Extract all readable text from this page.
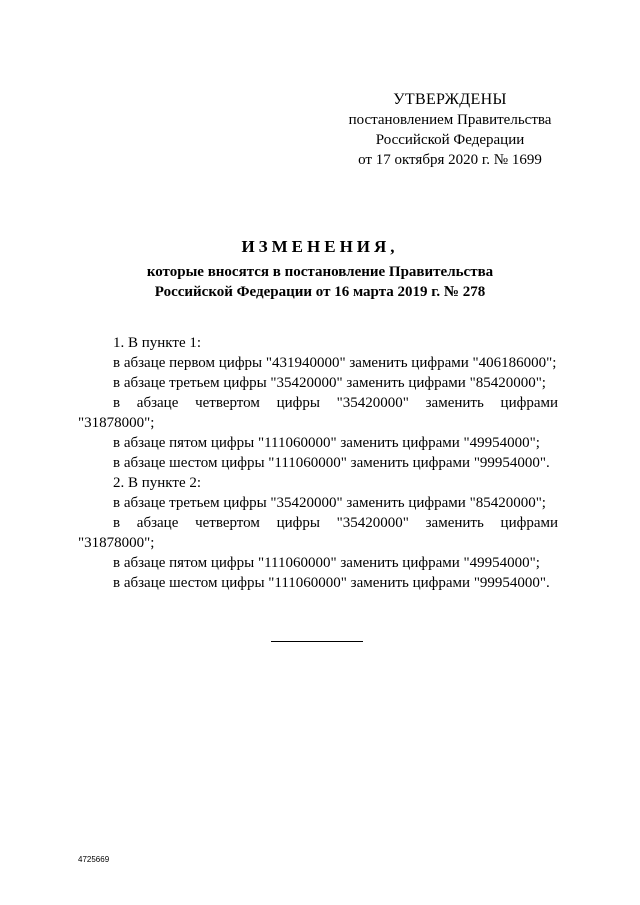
УТВЕРЖДЕНЫ
постановлением Правительства
Российской Федерации
от 17 октября 2020 г. № 1699
ИЗМЕНЕНИЯ,
которые вносятся в постановление Правительства
Российской Федерации от 16 марта 2019 г. № 278

1. В пункте 1:

в абзаце первом цифры "431940000" заменить цифрами "406186000";

в абзаце третьем цифры "35420000" заменить цифрами "85420000";

в абзаце четвертом цифры "35420000" заменить цифрами "31878000";

в абзаце пятом цифры "111060000" заменить цифрами "49954000";

в абзаце шестом цифры "111060000" заменить цифрами "99954000".

2. В пункте 2:

в абзаце третьем цифры "35420000" заменить цифрами "85420000";

в абзаце четвертом цифры "35420000" заменить цифрами "31878000";

в абзаце пятом цифры "111060000" заменить цифрами "49954000";

в абзаце шестом цифры "111060000" заменить цифрами "99954000".

4725669
